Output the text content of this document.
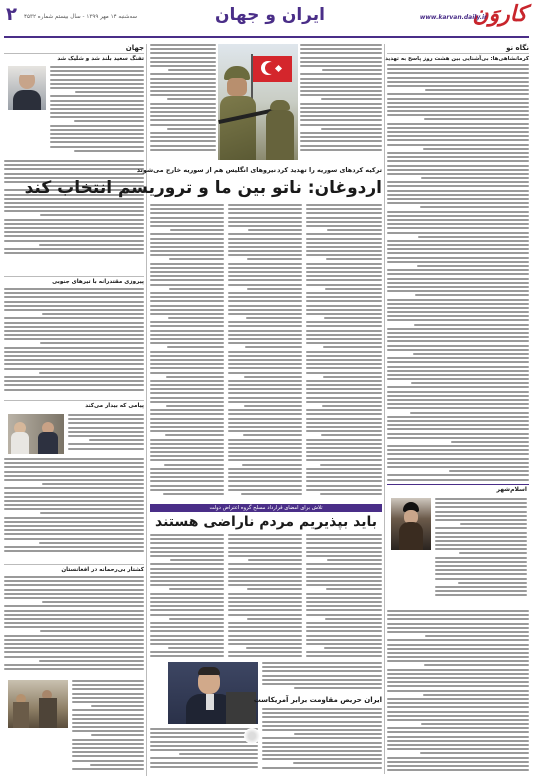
۲ سه‌شنبه ۱۴ مهر ۱۳۹۹ - سال بیستم شماره ۴۵۳۲	ایران و جهان	کاروَن
www.karvan.daily.ir
نگاه نو
کرمانشاهی‌ها: بی‌آشنایی بین هشت روز پاسخ به تهدید
اسلام‌شهر
جهان
تفنگ سعید بلند شد و شلیک شد
پیروزی مقتدرانه با تیر‌های جنوبی
پیامی که بیدار می‌کند
کشتار بی‌رحمانه در افغانستان
ترکیه کردهای سوریه را تهدید کرد
نیروهای انگلیس هم از سوریه خارج می‌شوند
اردوغان: ناتو بین ما و تروریسم انتخاب کند
تلاش برای امضای قرارداد مسلح گروه اعتراض دولت
باید بپذیریم مردم ناراضی هستند
ایران حریص مقاومت برابر آمریکاست
